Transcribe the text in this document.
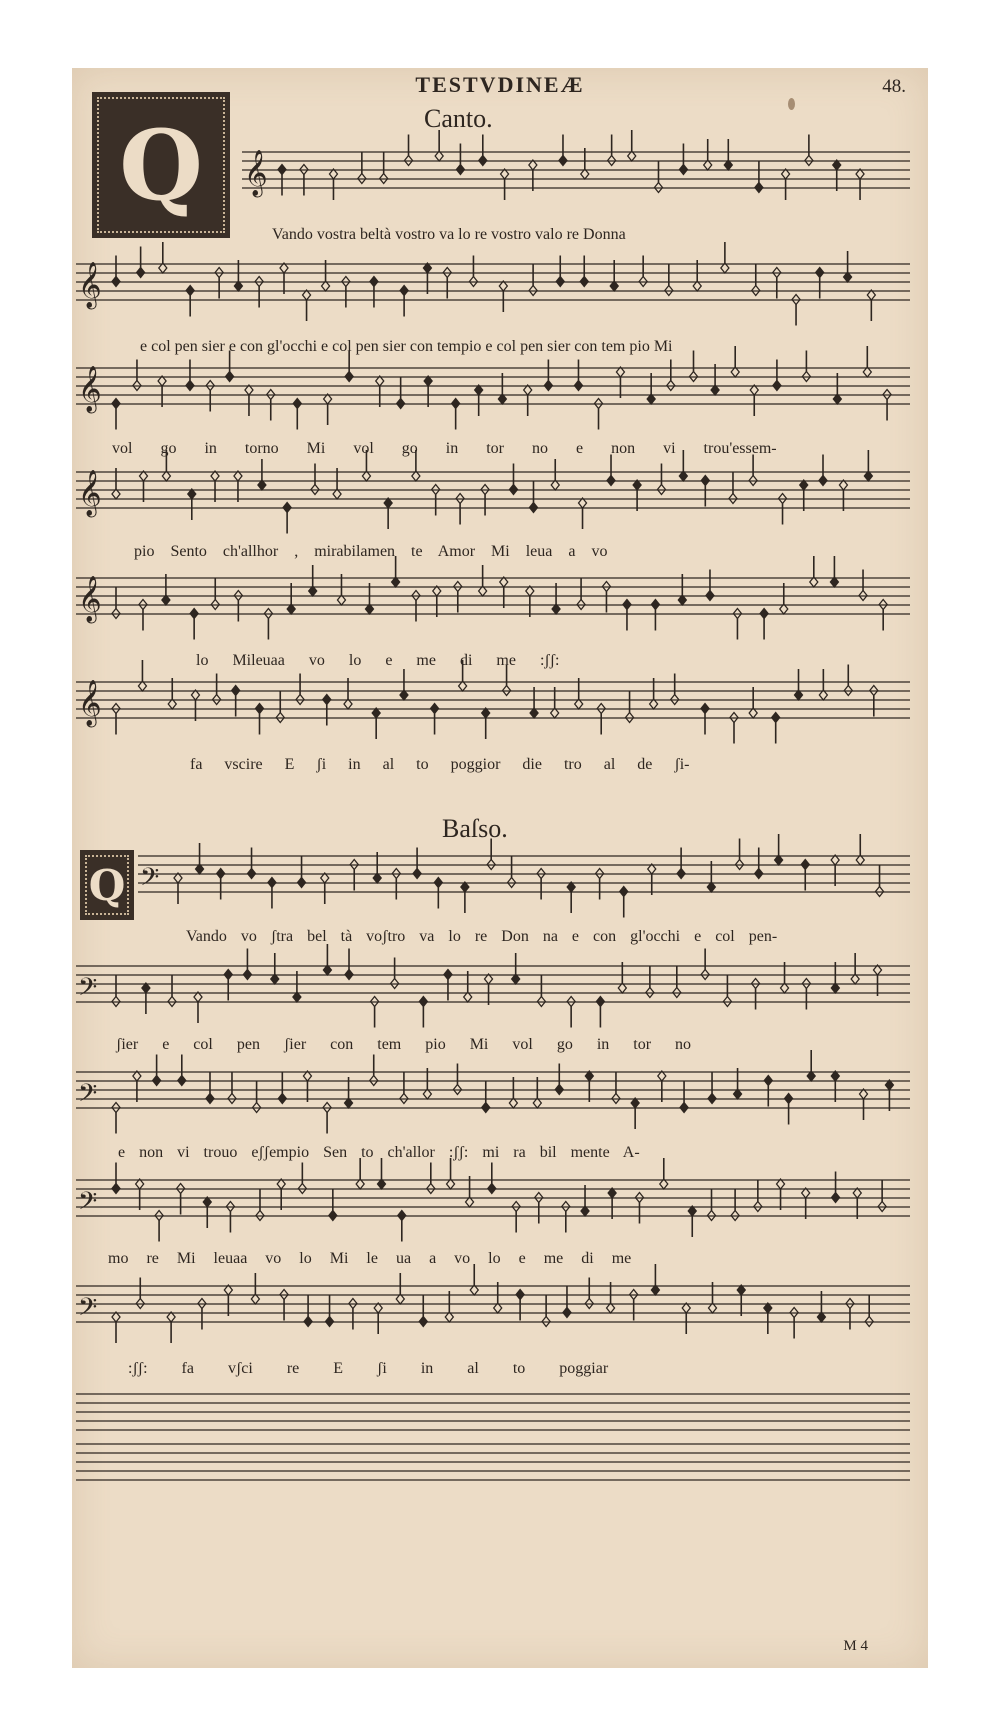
TESTVDINEÆ	48.
Canto.
Q
Baſso.
Q
𝄞
𝄞
𝄞
𝄞
𝄞
𝄞
𝄢
𝄢
𝄢
𝄢
𝄢
Vando vostra beltà vostro va lo re vostro valo re Donna
e col pen sier e con gl'occhi e col pen sier con tempio e col pen sier con tem pio Mi
vol go in torno Mi vol go in tor no e non vi trou'essem-
pio Sento ch'allhor , mirabilamen te Amor Mi leua a vo
lo Mileuaa vo lo e me di me :ʃʃ:
fa vscire E ʃi in al to poggior die tro al de ʃi-
Vando vo ʃtra bel tà voʃtro va lo re Don na e con gl'occhi e col pen-
ʃier e col pen ʃier con tem pio Mi vol go in tor no
e non vi trouo eʃʃempio Sen to ch'allor :ʃʃ: mi ra bil mente A-
mo re Mi leuaa vo lo Mi le ua a vo lo e me di me
:ʃʃ: fa vʃci re E ʃi in al to poggiar
M 4
